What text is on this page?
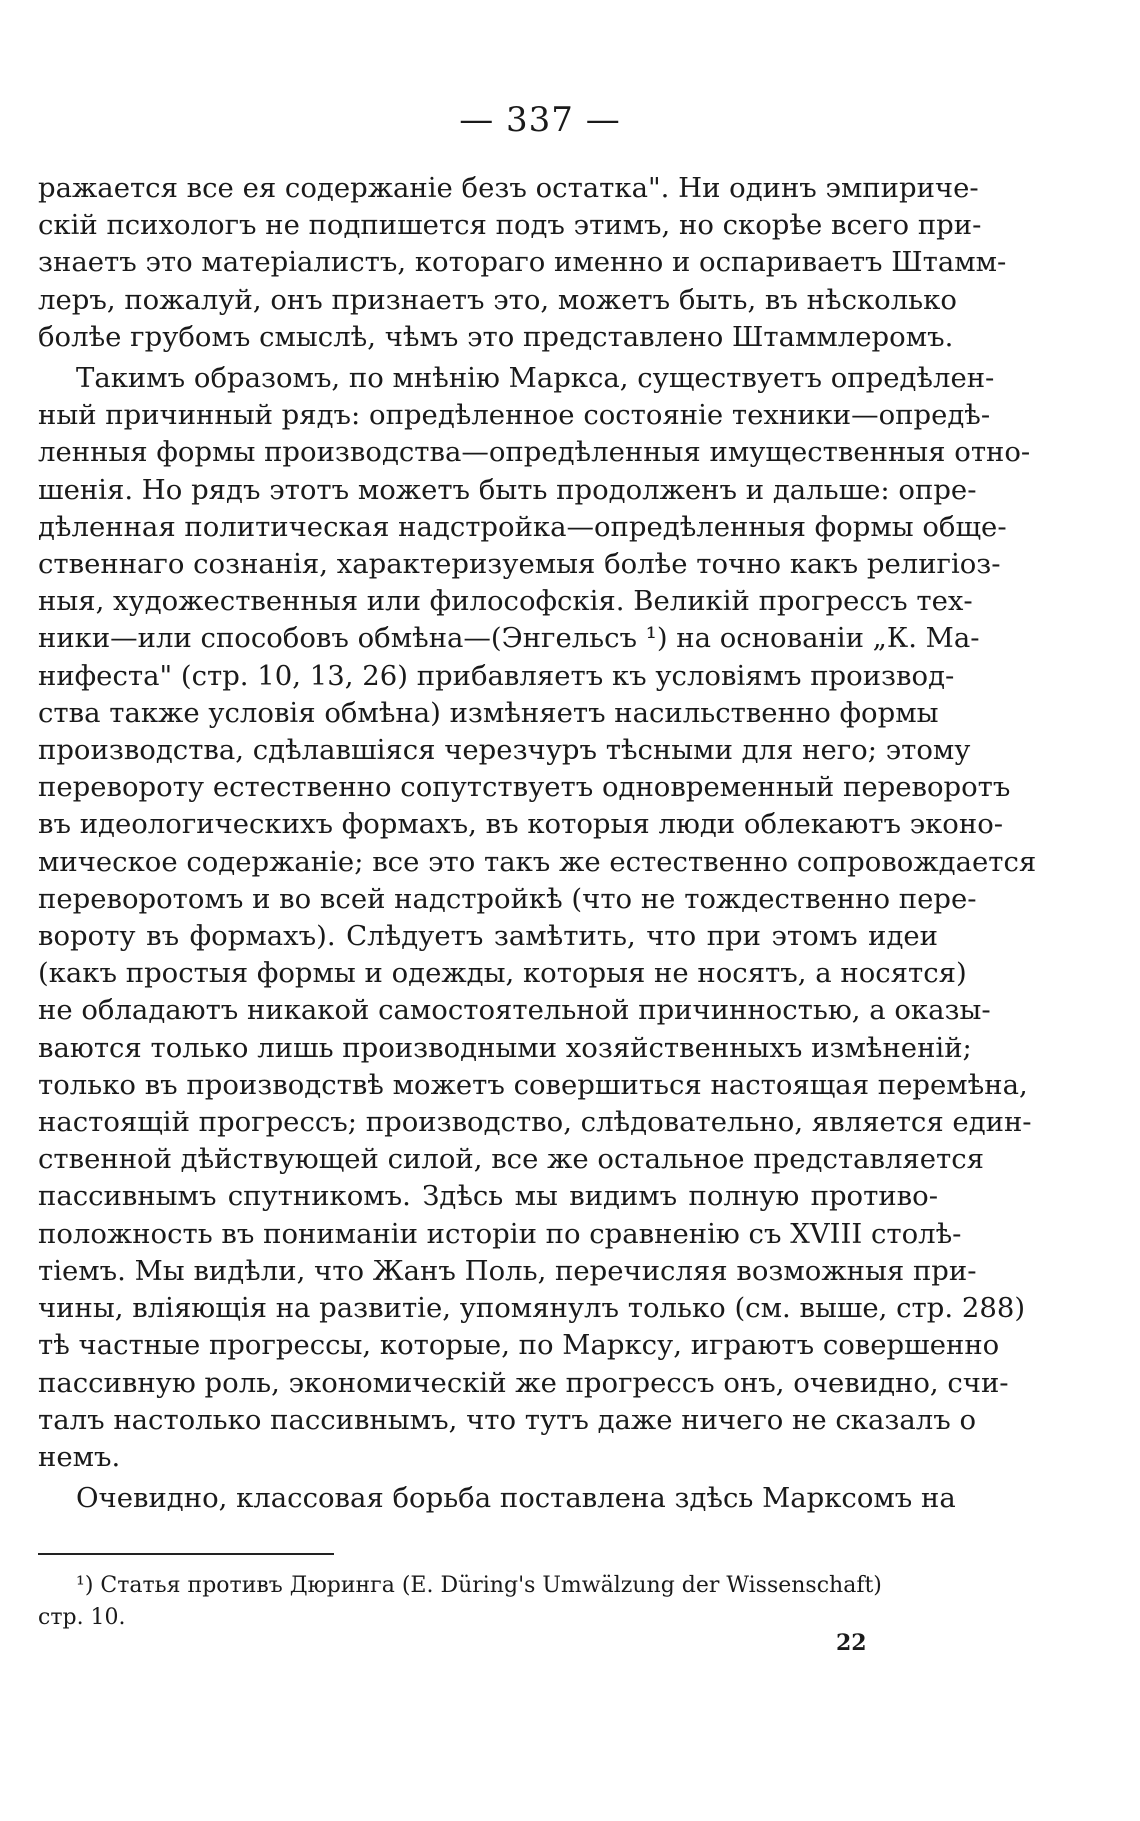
— 337 —
ражается все ея содержаніе безъ остатка". Ни одинъ эмпириче-
скій психологъ не подпишется подъ этимъ, но скорѣе всего при-
знаетъ это матеріалистъ, котораго именно и оспариваетъ Штамм-
леръ, пожалуй, онъ признаетъ это, можетъ быть, въ нѣсколько
болѣе грубомъ смыслѣ, чѣмъ это представлено Штаммлеромъ.
Такимъ образомъ, по мнѣнію Маркса, существуетъ опредѣлен-
ный причинный рядъ: опредѣленное состояніе техники—опредѣ-
ленныя формы производства—опредѣленныя имущественныя отно-
шенія. Но рядъ этотъ можетъ быть продолженъ и дальше: опре-
дѣленная политическая надстройка—опредѣленныя формы обще-
ственнаго сознанія, характеризуемыя болѣе точно какъ религіоз-
ныя, художественныя или философскія. Великій прогрессъ тех-
ники—или способовъ обмѣна—(Энгельсъ ¹) на основаніи „К. Ма-
нифеста" (стр. 10, 13, 26) прибавляетъ къ условіямъ производ-
ства также условія обмѣна) измѣняетъ насильственно формы
производства, сдѣлавшіяся черезчуръ тѣсными для него; этому
перевороту естественно сопутствуетъ одновременный переворотъ
въ идеологическихъ формахъ, въ которыя люди облекаютъ эконо-
мическое содержаніе; все это такъ же естественно сопровождается
переворотомъ и во всей надстройкѣ (что не тождественно пере-
вороту въ формахъ). Слѣдуетъ замѣтить, что при этомъ идеи
(какъ простыя формы и одежды, которыя не носятъ, а носятся)
не обладаютъ никакой самостоятельной причинностью, а оказы-
ваются только лишь производными хозяйственныхъ измѣненій;
только въ производствѣ можетъ совершиться настоящая перемѣна,
настоящій прогрессъ; производство, слѣдовательно, является един-
ственной дѣйствующей силой, все же остальное представляется
пассивнымъ спутникомъ. Здѣсь мы видимъ полную противо-
положность въ пониманіи исторіи по сравненію съ XVIII столѣ-
тіемъ. Мы видѣли, что Жанъ Поль, перечисляя возможныя при-
чины, вліяющія на развитіе, упомянулъ только (см. выше, стр. 288)
тѣ частные прогрессы, которые, по Марксу, играютъ совершенно
пассивную роль, экономическій же прогрессъ онъ, очевидно, счи-
талъ настолько пассивнымъ, что тутъ даже ничего не сказалъ о
немъ.
Очевидно, классовая борьба поставлена здѣсь Марксомъ на
¹) Статья противъ Дюринга (E. Düring's Umwälzung der Wissenschaft)
стр. 10.
22
